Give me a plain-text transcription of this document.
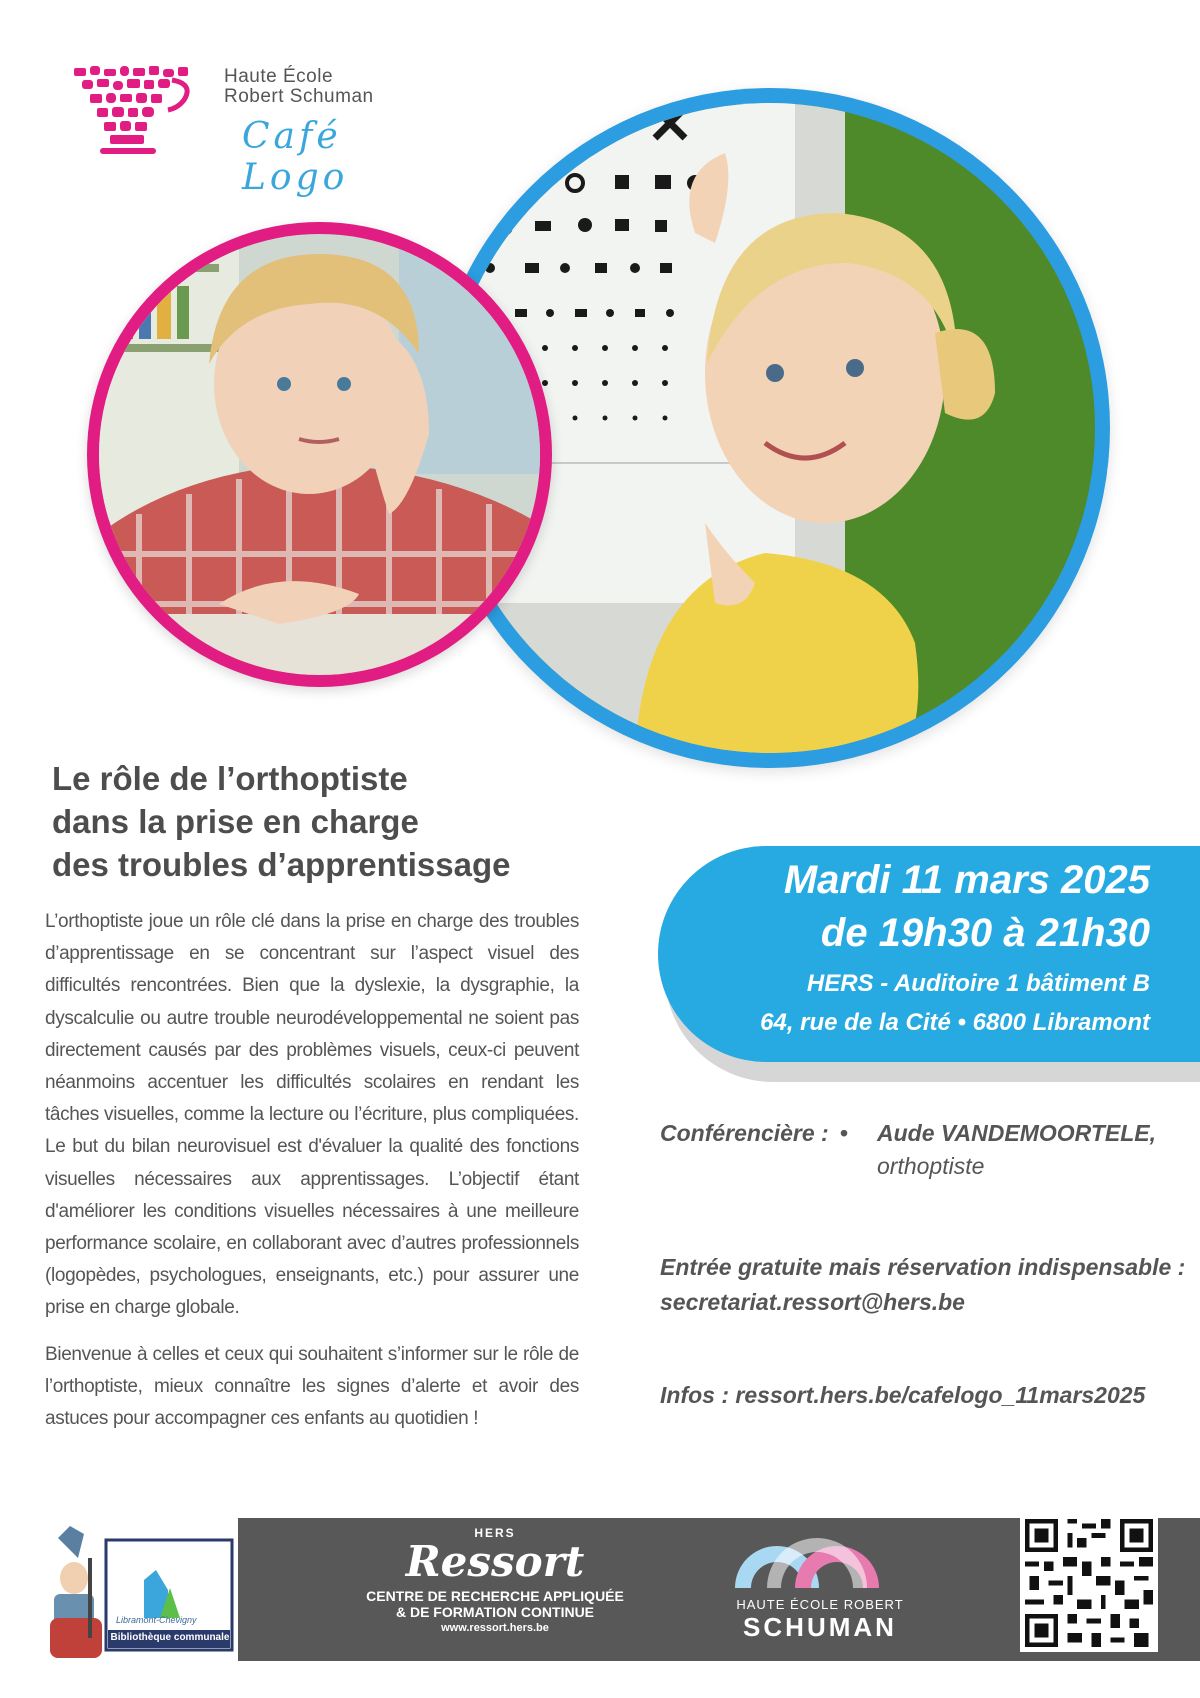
Haute École
Robert Schuman
Café Logo
Le rôle de l’orthoptiste
dans la prise en charge
des troubles d’apprentissage

L’orthoptiste joue un rôle clé dans la prise en charge des troubles d’apprentissage en se concentrant sur l’aspect visuel des difficultés rencontrées. Bien que la dyslexie, la dysgraphie, la dyscalculie ou autre trouble neurodéveloppemental ne soient pas directement causés par des problèmes visuels, ceux-ci peuvent néanmoins accentuer les difficultés scolaires en rendant les tâches visuelles, comme la lecture ou l’écriture, plus compliquées. Le but du bilan neurovisuel est d'évaluer la qualité des fonctions visuelles nécessaires aux apprentissages. L’objectif étant d'améliorer les conditions visuelles nécessaires à une meilleure performance scolaire, en collaborant avec d’autres professionnels (logopèdes, psychologues, enseignants, etc.) pour assurer une prise en charge globale.

Bienvenue à celles et ceux qui souhaitent s’informer sur le rôle de l’orthoptiste, mieux connaître les signes d’alerte et avoir des astuces pour accompagner ces enfants au quotidien !

Mardi 11 mars 2025
de 19h30 à 21h30
HERS - Auditoire 1 bâtiment B
64, rue de la Cité • 6800 Libramont
Conférencière : • Aude VANDEMOORTELE,
orthoptiste
Entrée gratuite mais réservation indispensable :
secretariat.ressort@hers.be
Infos : ressort.hers.be/cafelogo_11mars2025
Libramont-Chevigny
Bibliothèque communale
HERS
Ressort
CENTRE DE RECHERCHE APPLIQUÉE
& DE FORMATION CONTINUE
www.ressort.hers.be
HAUTE ÉCOLE ROBERT
SCHUMAN
